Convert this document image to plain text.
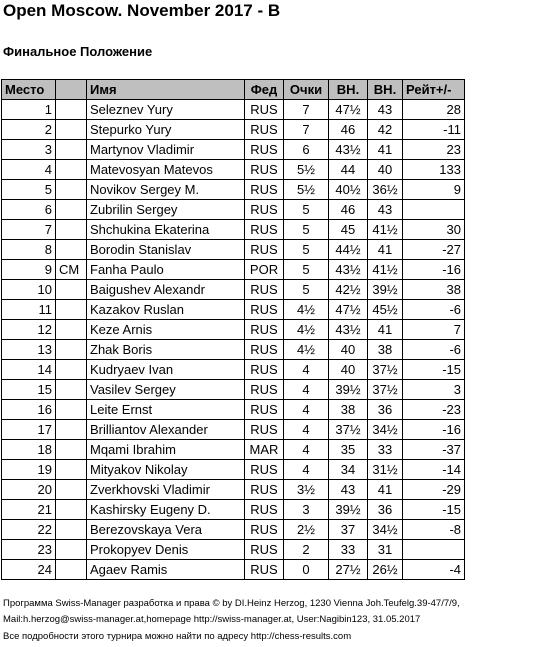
Open Moscow. November 2017 - B
Финальное Положение
Место		Имя	Фед	Очки	ВН.	ВН.	Рейт+/-
1		Seleznev Yury	RUS	7	47½	43	28
2		Stepurko Yury	RUS	7	46	42	-11
3		Martynov Vladimir	RUS	6	43½	41	23
4		Matevosyan Matevos	RUS	5½	44	40	133
5		Novikov Sergey M.	RUS	5½	40½	36½	9
6		Zubrilin Sergey	RUS	5	46	43	
7		Shchukina Ekaterina	RUS	5	45	41½	30
8		Borodin Stanislav	RUS	5	44½	41	-27
9	CM	Fanha Paulo	POR	5	43½	41½	-16
10		Baigushev Alexandr	RUS	5	42½	39½	38
11		Kazakov Ruslan	RUS	4½	47½	45½	-6
12		Keze Arnis	RUS	4½	43½	41	7
13		Zhak Boris	RUS	4½	40	38	-6
14		Kudryaev Ivan	RUS	4	40	37½	-15
15		Vasilev Sergey	RUS	4	39½	37½	3
16		Leite Ernst	RUS	4	38	36	-23
17		Brilliantov Alexander	RUS	4	37½	34½	-16
18		Mqami Ibrahim	MAR	4	35	33	-37
19		Mityakov Nikolay	RUS	4	34	31½	-14
20		Zverkhovski Vladimir	RUS	3½	43	41	-29
21		Kashirsky Eugeny D.	RUS	3	39½	36	-15
22		Berezovskaya Vera	RUS	2½	37	34½	-8
23		Prokopyev Denis	RUS	2	33	31	
24		Agaev Ramis	RUS	0	27½	26½	-4
Программа Swiss-Manager разработка и права © by DI.Heinz Herzog, 1230 Vienna Joh.Teufelg.39-47/7/9,
Mail:h.herzog@swiss-manager.at,homepage http://swiss-manager.at, User:Nagibin123, 31.05.2017
Все подробности этого турнира можно найти по адресу http://chess-results.com
